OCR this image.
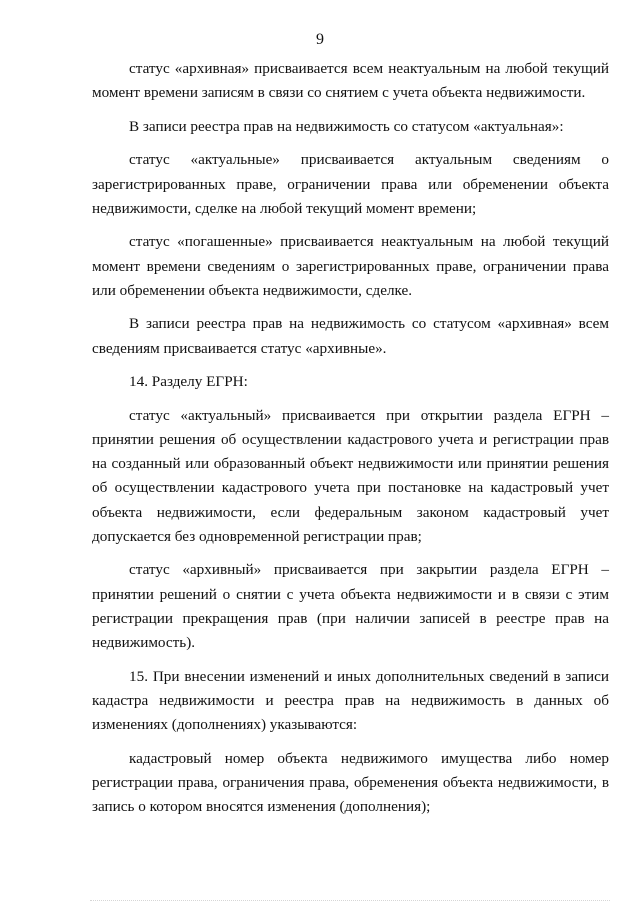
9

статус «архивная» присваивается всем неактуальным на любой текущий момент времени записям в связи со снятием с учета объекта недвижимости.

В записи реестра прав на недвижимость со статусом «актуальная»:

статус «актуальные» присваивается актуальным сведениям о зарегистрированных праве, ограничении права или обременении объекта недвижимости, сделке на любой текущий момент времени;

статус «погашенные» присваивается неактуальным на любой текущий момент времени сведениям о зарегистрированных праве, ограничении права или обременении объекта недвижимости, сделке.

В записи реестра прав на недвижимость со статусом «архивная» всем сведениям присваивается статус «архивные».

14. Разделу ЕГРН:

статус «актуальный» присваивается при открытии раздела ЕГРН – принятии решения об осуществлении кадастрового учета и регистрации прав на созданный или образованный объект недвижимости или принятии решения об осуществлении кадастрового учета при постановке на кадастровый учет объекта недвижимости, если федеральным законом кадастровый учет допускается без одновременной регистрации прав;

статус «архивный» присваивается при закрытии раздела ЕГРН – принятии решений о снятии с учета объекта недвижимости и в связи с этим регистрации прекращения прав (при наличии записей в реестре прав на недвижимость).

15. При внесении изменений и иных дополнительных сведений в записи кадастра недвижимости и реестра прав на недвижимость в данных об изменениях (дополнениях) указываются:

кадастровый номер объекта недвижимого имущества либо номер регистрации права, ограничения права, обременения объекта недвижимости, в запись о котором вносятся изменения (дополнения);
